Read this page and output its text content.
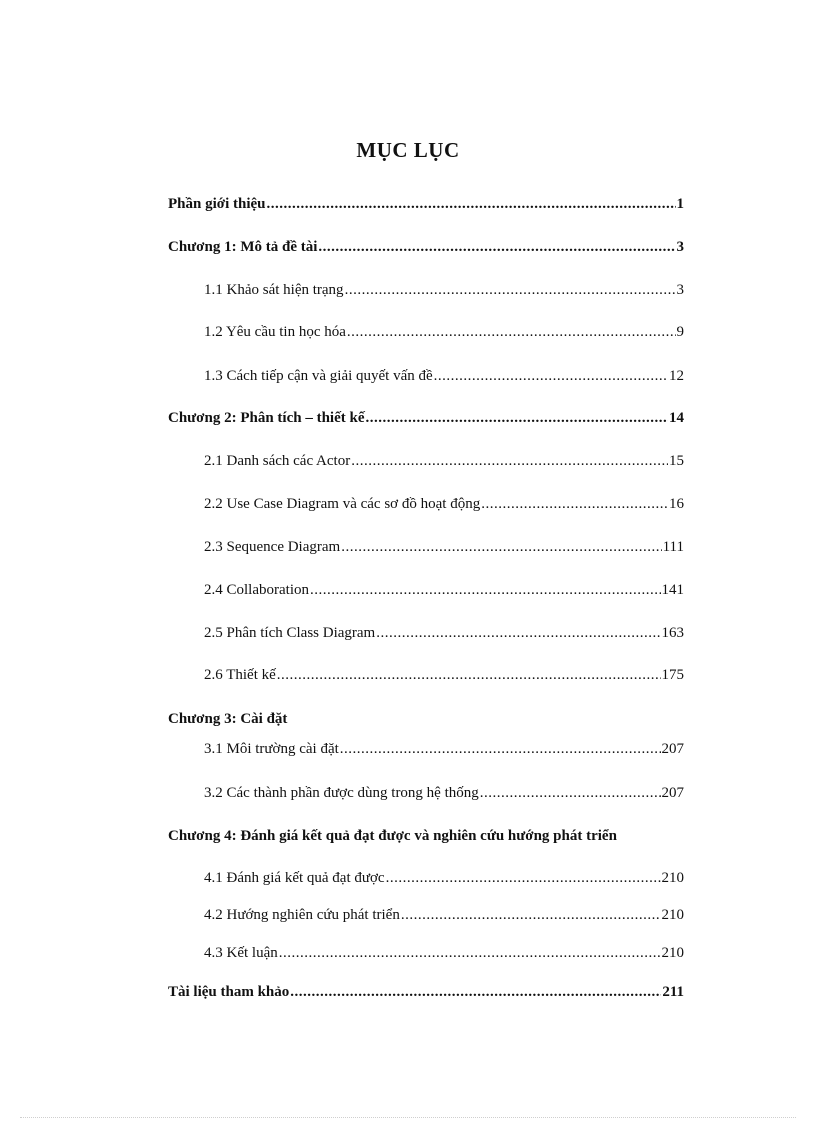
MỤC LỤC
Phần giới thiệu .....	1
Chương 1: Mô tả đề tài .....	3
1.1 Khảo sát hiện trạng .....	3
1.2 Yêu cầu tin học hóa .....	9
1.3 Cách tiếp cận và giải quyết vấn đề .....	12
Chương 2: Phân tích – thiết kế .....	14
2.1 Danh sách các Actor .....	15
2.2 Use Case Diagram và các sơ đồ hoạt động .....	16
2.3 Sequence Diagram .....	111
2.4 Collaboration .....	141
2.5 Phân tích Class Diagram .....	163
2.6 Thiết kế .....	175
Chương 3: Cài đặt
3.1 Môi trường cài đặt .....	207
3.2 Các thành phần được dùng trong hệ thống .....	207
Chương 4: Đánh giá kết quả đạt được và nghiên cứu hướng phát triển
4.1 Đánh giá kết quả đạt được .....	210
4.2 Hướng nghiên cứu phát triển .....	210
4.3 Kết luận .....	210
Tài liệu tham khảo .....	211
